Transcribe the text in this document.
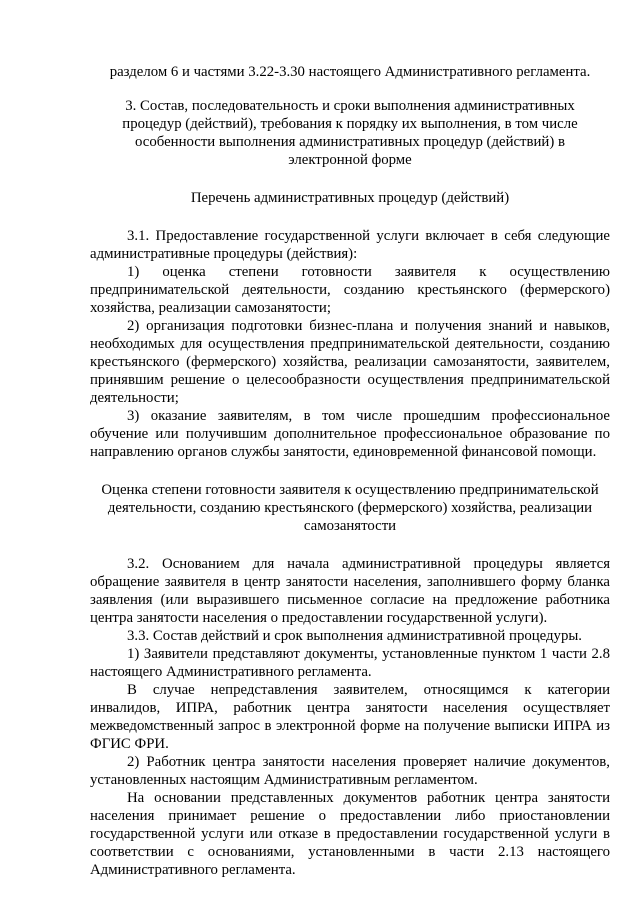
разделом 6 и частями 3.22-3.30 настоящего Административного регламента.

3. Состав, последовательность и сроки выполнения административных процедур (действий), требования к порядку их выполнения, в том числе особенности выполнения административных процедур (действий) в электронной форме

Перечень административных процедур (действий)

3.1. Предоставление государственной услуги включает в себя следующие административные процедуры (действия):

1) оценка степени готовности заявителя к осуществлению предпринимательской деятельности, созданию крестьянского (фермерского) хозяйства, реализации самозанятости;

2) организация подготовки бизнес-плана и получения знаний и навыков, необходимых для осуществления предпринимательской деятельности, созданию крестьянского (фермерского) хозяйства, реализации самозанятости, заявителем, принявшим решение о целесообразности осуществления предпринимательской деятельности;

3) оказание заявителям, в том числе прошедшим профессиональное обучение или получившим дополнительное профессиональное образование по направлению органов службы занятости, единовременной финансовой помощи.

Оценка степени готовности заявителя к осуществлению предпринимательской деятельности, созданию крестьянского (фермерского) хозяйства, реализации самозанятости

3.2. Основанием для начала административной процедуры является обращение заявителя в центр занятости населения, заполнившего форму бланка заявления (или выразившего письменное согласие на предложение работника центра занятости населения о предоставлении государственной услуги).

3.3. Состав действий и срок выполнения административной процедуры.

1) Заявители представляют документы, установленные пунктом 1 части 2.8 настоящего Административного регламента.

В случае непредставления заявителем, относящимся к категории инвалидов, ИПРА, работник центра занятости населения осуществляет межведомственный запрос в электронной форме на получение выписки ИПРА из ФГИС ФРИ.

2) Работник центра занятости населения проверяет наличие документов, установленных настоящим Административным регламентом.

На основании представленных документов работник центра занятости населения принимает решение о предоставлении либо приостановлении государственной услуги или отказе в предоставлении государственной услуги в соответствии с основаниями, установленными в части 2.13 настоящего Административного регламента.
